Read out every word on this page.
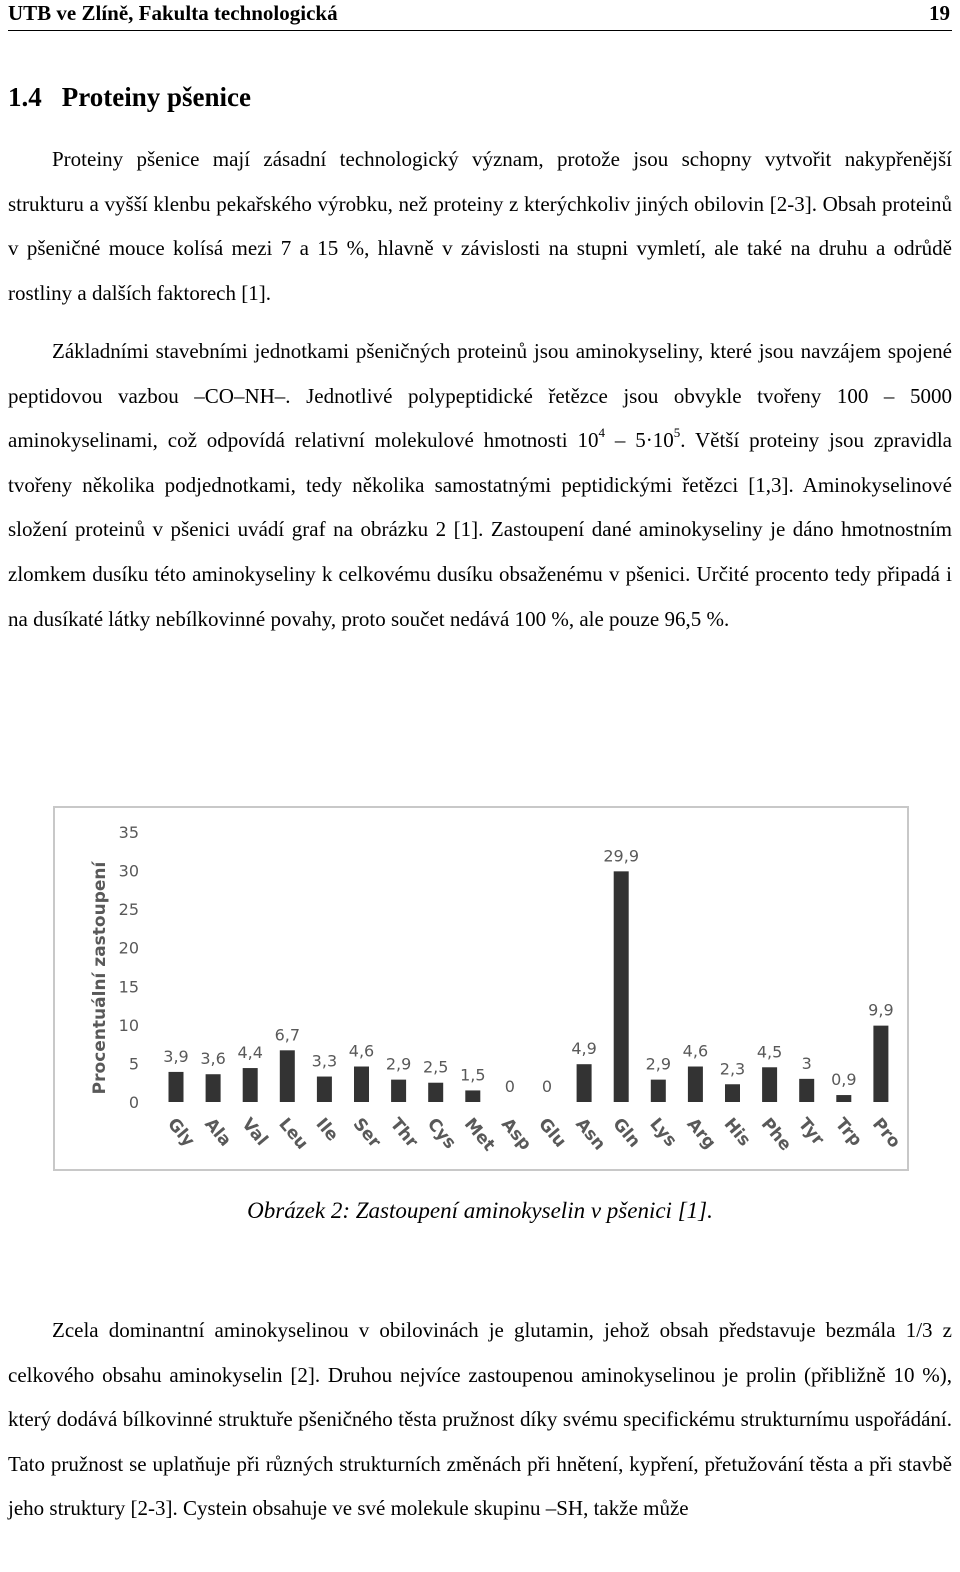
UTB ve Zlíně, Fakulta technologická	19
1.4 Proteiny pšenice

Proteiny pšenice mají zásadní technologický význam, protože jsou schopny vytvořit nakypřenější strukturu a vyšší klenbu pekařského výrobku, než proteiny z kterýchkoliv jiných obilovin [2-3]. Obsah proteinů v pšeničné mouce kolísá mezi 7 a 15 %, hlavně v závislosti na stupni vymletí, ale také na druhu a odrůdě rostliny a dalších faktorech [1].

Základními stavebními jednotkami pšeničných proteinů jsou aminokyseliny, které jsou navzájem spojené peptidovou vazbou –CO–NH–. Jednotlivé polypeptidické řetězce jsou obvykle tvořeny 100 – 5000 aminokyselinami, což odpovídá relativní molekulové hmotnosti $10^4 - 5\cdot 10^5$. Větší proteiny jsou zpravidla tvořeny několika podjednotkami, tedy několika samostatnými peptidickými řetězci [1,3]. Aminokyselinové složení proteinů v pšenici uvádí graf na obrázku 2 [1]. Zastoupení dané aminokyseliny je dáno hmotnostním zlomkem dusíku této aminokyseliny k celkovému dusíku obsaženému v pšenici. Určité procento tedy připadá i na dusíkaté látky nebílkovinné povahy, proto součet nedává 100 %, ale pouze 96,5 %.

Procentuální zastoupení
0
5
10
15
20
25
30
35
3,9 3,6 4,4
6,7
3,3
4,6
2,9 2,5 1,5
0 0
4,9
29,9
2,9
4,6
2,3
4,5
3
0,9
9,9
Gly Ala Val Leu Ile Ser Thr Cys Met
Asp
Glu Asn Gln Lys Arg His Phe
Tyr Trp Pro
Obrázek 2: Zastoupení aminokyselin v pšenici [1].

Zcela dominantní aminokyselinou v obilovinách je glutamin, jehož obsah představuje bezmála 1/3 z celkového obsahu aminokyselin [2]. Druhou nejvíce zastoupenou aminokyselinou je prolin (přibližně 10 %), který dodává bílkovinné struktuře pšeničného těsta pružnost díky svému specifickému strukturnímu uspořádání. Tato pružnost se uplatňuje při různých strukturních změnách při hnětení, kypření, přetužování těsta a při stavbě jeho struktury [2-3]. Cystein obsahuje ve své molekule skupinu –SH, takže může
